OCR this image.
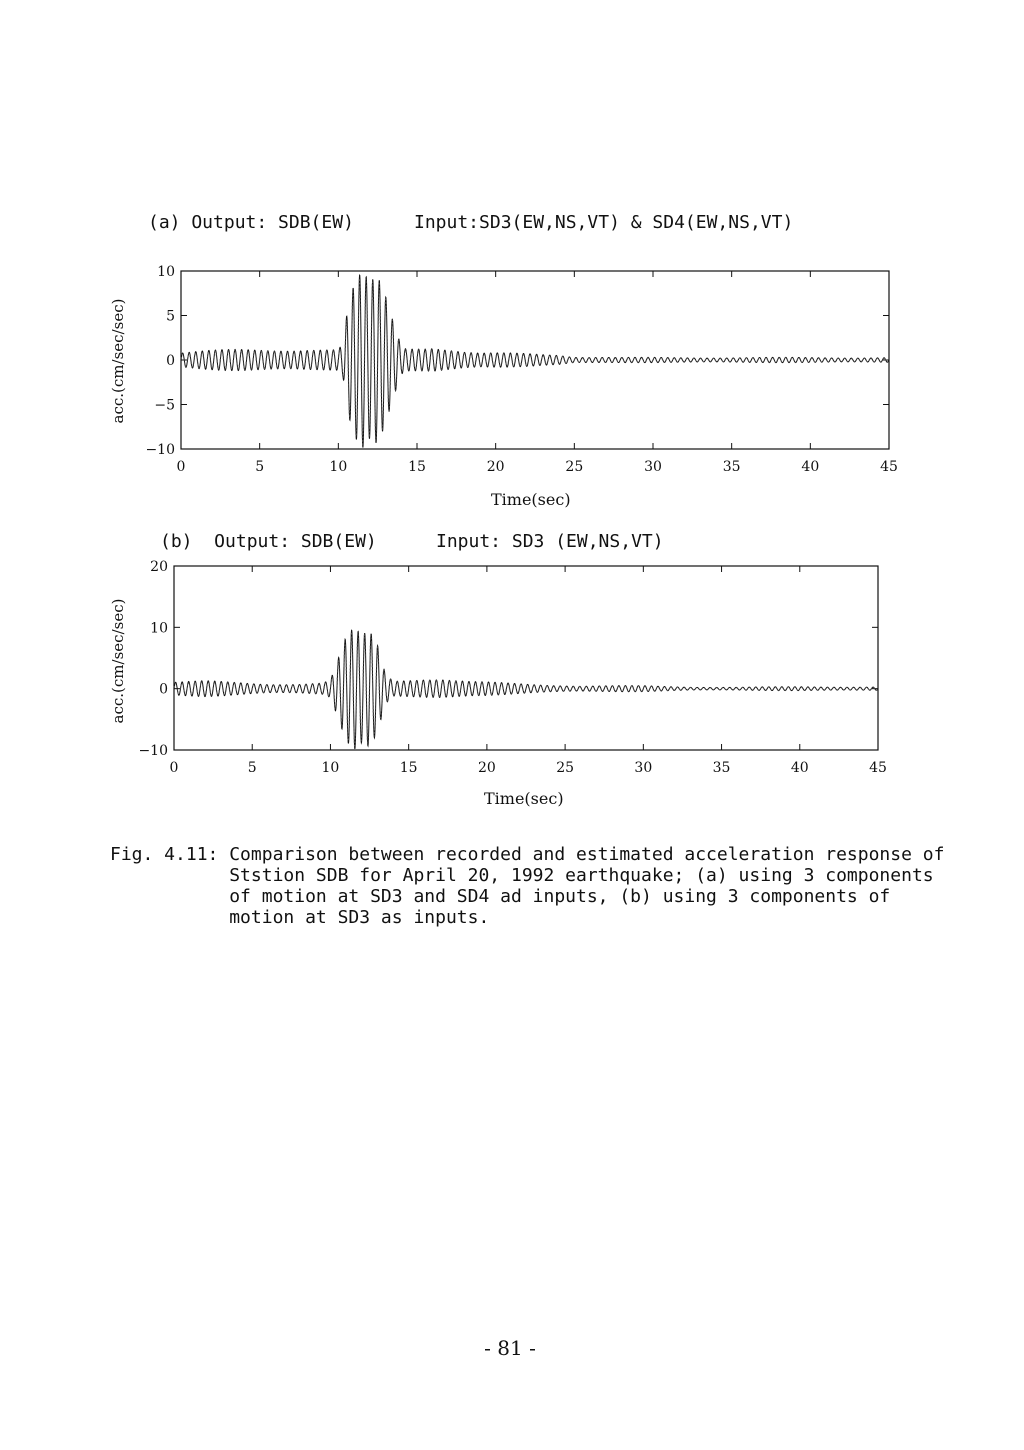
(a) Output: SDB(EW)	Input:SD3(EW,NS,VT) & SD4(EW,NS,VT)
acc.(cm/sec/sec)
Time(sec)
(b)  Output: SDB(EW)	Input: SD3 (EW,NS,VT)
acc.(cm/sec/sec)
Time(sec)
0	5	10	15	20	25	30	35	40	45
−10
−5
0
5
10
0	5	10	15	20	25	30	35	40	45
−10
0
10
20
Fig. 4.11: Comparison between recorded and estimated acceleration response of
Ststion SDB for April 20, 1992 earthquake; (a) using 3 components
of motion at SD3 and SD4 ad inputs, (b) using 3 components of
motion at SD3 as inputs.
- 81 -
